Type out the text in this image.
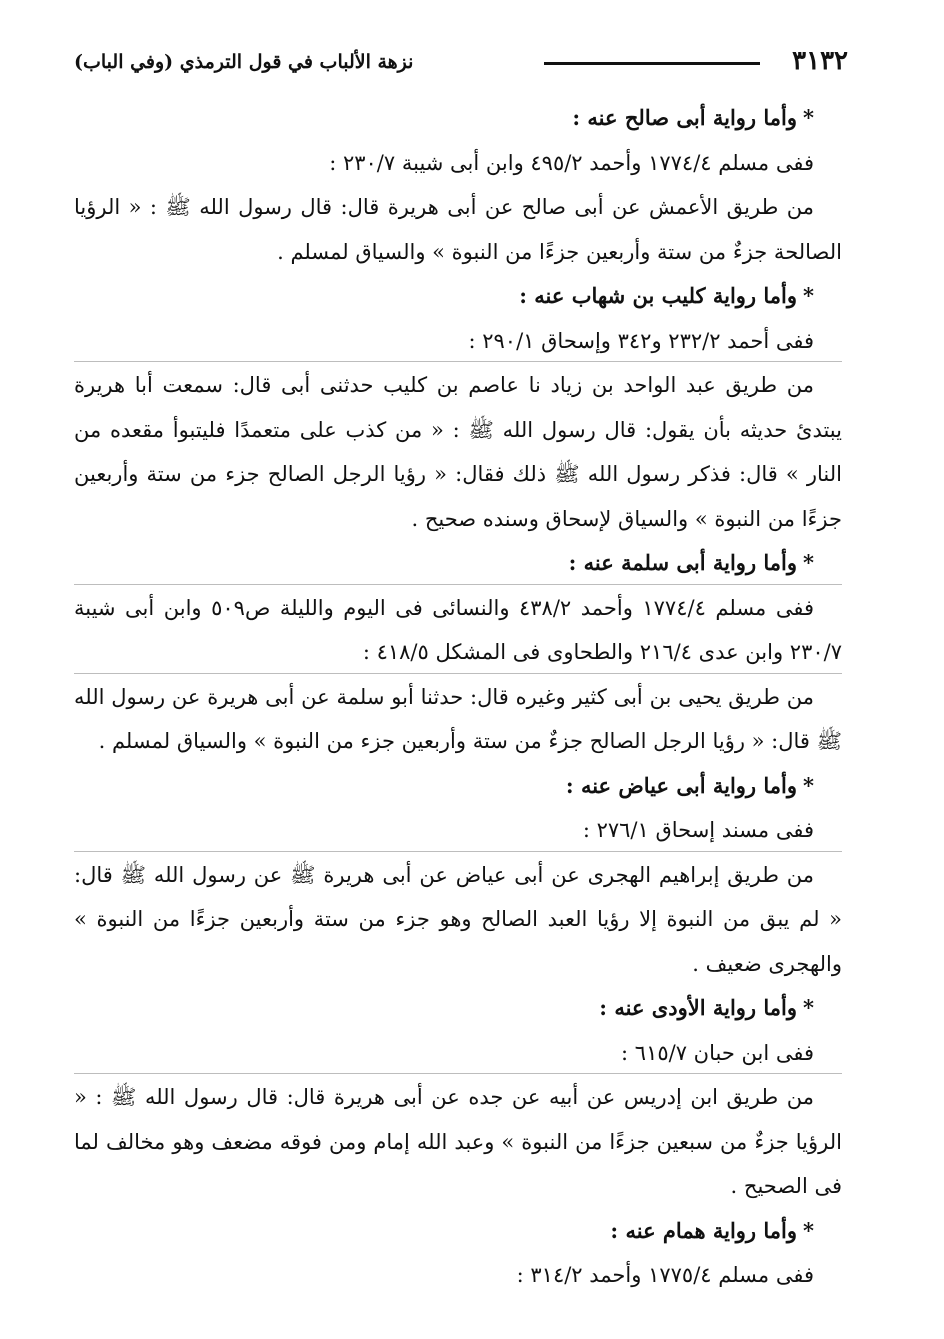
٣١٣٢
نزهة الألباب في قول الترمذي (وفي الباب)

*وأما رواية أبى صالح عنه :

ففى مسلم ١٧٧٤/٤ وأحمد ٤٩٥/٢ وابن أبى شيبة ٢٣٠/٧ :

من طريق الأعمش عن أبى صالح عن أبى هريرة قال: قال رسول الله ﷺ : « الرؤيا الصالحة جزءٌ من ستة وأربعين جزءًا من النبوة » والسياق لمسلم .

*وأما رواية كليب بن شهاب عنه :

ففى أحمد ٢٣٢/٢ و٣٤٢ وإسحاق ٢٩٠/١ :

من طريق عبد الواحد بن زياد نا عاصم بن كليب حدثنى أبى قال: سمعت أبا هريرة يبتدئ حديثه بأن يقول: قال رسول الله ﷺ : « من كذب على متعمدًا فليتبوأ مقعده من النار » قال: فذكر رسول الله ﷺ ذلك فقال: « رؤيا الرجل الصالح جزء من ستة وأربعين جزءًا من النبوة » والسياق لإسحاق وسنده صحيح .

*وأما رواية أبى سلمة عنه :

ففى مسلم ١٧٧٤/٤ وأحمد ٤٣٨/٢ والنسائى فى اليوم والليلة ص٥٠٩ وابن أبى شيبة ٢٣٠/٧ وابن عدى ٢١٦/٤ والطحاوى فى المشكل ٤١٨/٥ :

من طريق يحيى بن أبى كثير وغيره قال: حدثنا أبو سلمة عن أبى هريرة عن رسول الله ﷺ قال: « رؤيا الرجل الصالح جزءٌ من ستة وأربعين جزء من النبوة » والسياق لمسلم .

*وأما رواية أبى عياض عنه :

ففى مسند إسحاق ٢٧٦/١ :

من طريق إبراهيم الهجرى عن أبى عياض عن أبى هريرة ﷺ عن رسول الله ﷺ قال: « لم يبق من النبوة إلا رؤيا العبد الصالح وهو جزء من ستة وأربعين جزءًا من النبوة » والهجرى ضعيف .

*وأما رواية الأودى عنه :

ففى ابن حبان ٦١٥/٧ :

من طريق ابن إدريس عن أبيه عن جده عن أبى هريرة قال: قال رسول الله ﷺ : « الرؤيا جزءٌ من سبعين جزءًا من النبوة » وعبد الله إمام ومن فوقه مضعف وهو مخالف لما فى الصحيح .

*وأما رواية همام عنه :

ففى مسلم ١٧٧٥/٤ وأحمد ٣١٤/٢ :
